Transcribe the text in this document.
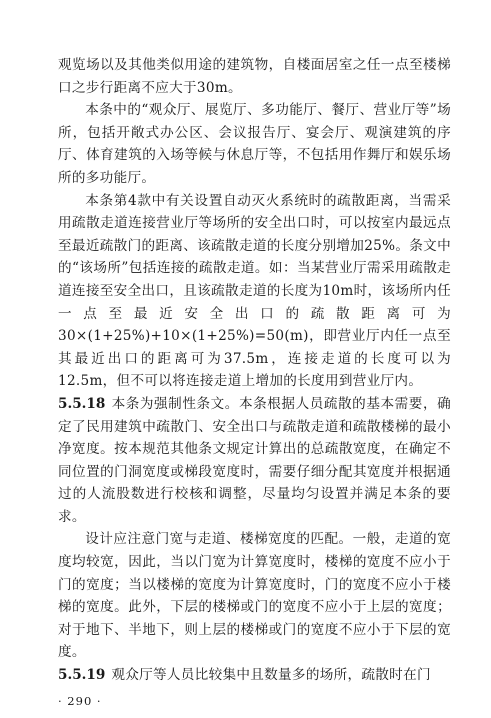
观览场以及其他类似用途的建筑物，自楼面居室之任一点至楼梯口之步行距离不应大于30m。

本条中的“观众厅、展览厅、多功能厅、餐厅、营业厅等”场所，包括开敞式办公区、会议报告厅、宴会厅、观演建筑的序厅、体育建筑的入场等候与休息厅等，不包括用作舞厅和娱乐场所的多功能厅。

本条第4款中有关设置自动灭火系统时的疏散距离，当需采用疏散走道连接营业厅等场所的安全出口时，可以按室内最远点至最近疏散门的距离、该疏散走道的长度分别增加25%。条文中的“该场所”包括连接的疏散走道。如：当某营业厅需采用疏散走道连接至安全出口，且该疏散走道的长度为10m时，该场所内任一点至最近安全出口的疏散距离可为30×(1+25%)+10×(1+25%)=50(m)，即营业厅内任一点至其最近出口的距离可为37.5m，连接走道的长度可以为12.5m，但不可以将连接走道上增加的长度用到营业厅内。

5.5.18 本条为强制性条文。本条根据人员疏散的基本需要，确定了民用建筑中疏散门、安全出口与疏散走道和疏散楼梯的最小净宽度。按本规范其他条文规定计算出的总疏散宽度，在确定不同位置的门洞宽度或梯段宽度时，需要仔细分配其宽度并根据通过的人流股数进行校核和调整，尽量均匀设置并满足本条的要求。

设计应注意门宽与走道、楼梯宽度的匹配。一般，走道的宽度均较宽，因此，当以门宽为计算宽度时，楼梯的宽度不应小于门的宽度；当以楼梯的宽度为计算宽度时，门的宽度不应小于楼梯的宽度。此外，下层的楼梯或门的宽度不应小于上层的宽度；对于地下、半地下，则上层的楼梯或门的宽度不应小于下层的宽度。

5.5.19 观众厅等人员比较集中且数量多的场所，疏散时在门

· 290 ·
